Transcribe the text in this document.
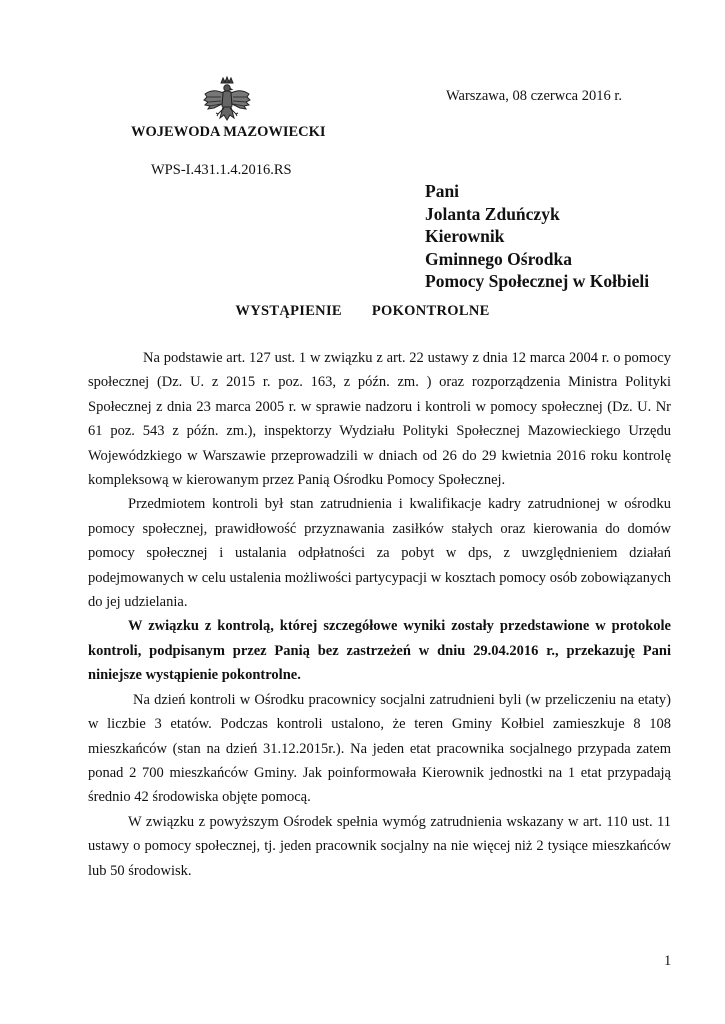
WOJEWODA MAZOWIECKI
WPS-I.431.1.4.2016.RS
Warszawa, 08 czerwca 2016 r.
Pani
Jolanta Zduńczyk
Kierownik
Gminnego Ośrodka
Pomocy Społecznej w Kołbieli
WYSTĄPIENIE POKONTROLNE

Na podstawie art. 127 ust. 1 w związku z art. 22 ustawy z dnia 12 marca 2004 r. o pomocy społecznej (Dz. U. z 2015 r. poz. 163, z późn. zm. ) oraz rozporządzenia Ministra Polityki Społecznej z dnia 23 marca 2005 r. w sprawie nadzoru i kontroli w pomocy społecznej (Dz. U. Nr 61 poz. 543 z późn. zm.), inspektorzy Wydziału Polityki Społecznej Mazowieckiego Urzędu Wojewódzkiego w Warszawie przeprowadzili w dniach od 26 do 29 kwietnia 2016 roku kontrolę kompleksową w kierowanym przez Panią Ośrodku Pomocy Społecznej.

Przedmiotem kontroli był stan zatrudnienia i kwalifikacje kadry zatrudnionej w ośrodku pomocy społecznej, prawidłowość przyznawania zasiłków stałych oraz kierowania do domów pomocy społecznej i ustalania odpłatności za pobyt w dps, z uwzględnieniem działań podejmowanych w celu ustalenia możliwości partycypacji w kosztach pomocy osób zobowiązanych do jej udzielania.

W związku z kontrolą, której szczegółowe wyniki zostały przedstawione w protokole kontroli, podpisanym przez Panią bez zastrzeżeń w dniu 29.04.2016 r., przekazuję Pani niniejsze wystąpienie pokontrolne.

Na dzień kontroli w Ośrodku pracownicy socjalni zatrudnieni byli (w przeliczeniu na etaty) w liczbie 3 etatów. Podczas kontroli ustalono, że teren Gminy Kołbiel zamieszkuje 8 108 mieszkańców (stan na dzień 31.12.2015r.). Na jeden etat pracownika socjalnego przypada zatem ponad 2 700 mieszkańców Gminy. Jak poinformowała Kierownik jednostki na 1 etat przypadają średnio 42 środowiska objęte pomocą.

W związku z powyższym Ośrodek spełnia wymóg zatrudnienia wskazany w art. 110 ust. 11 ustawy o pomocy społecznej, tj. jeden pracownik socjalny na nie więcej niż 2 tysiące mieszkańców lub 50 środowisk.

1
